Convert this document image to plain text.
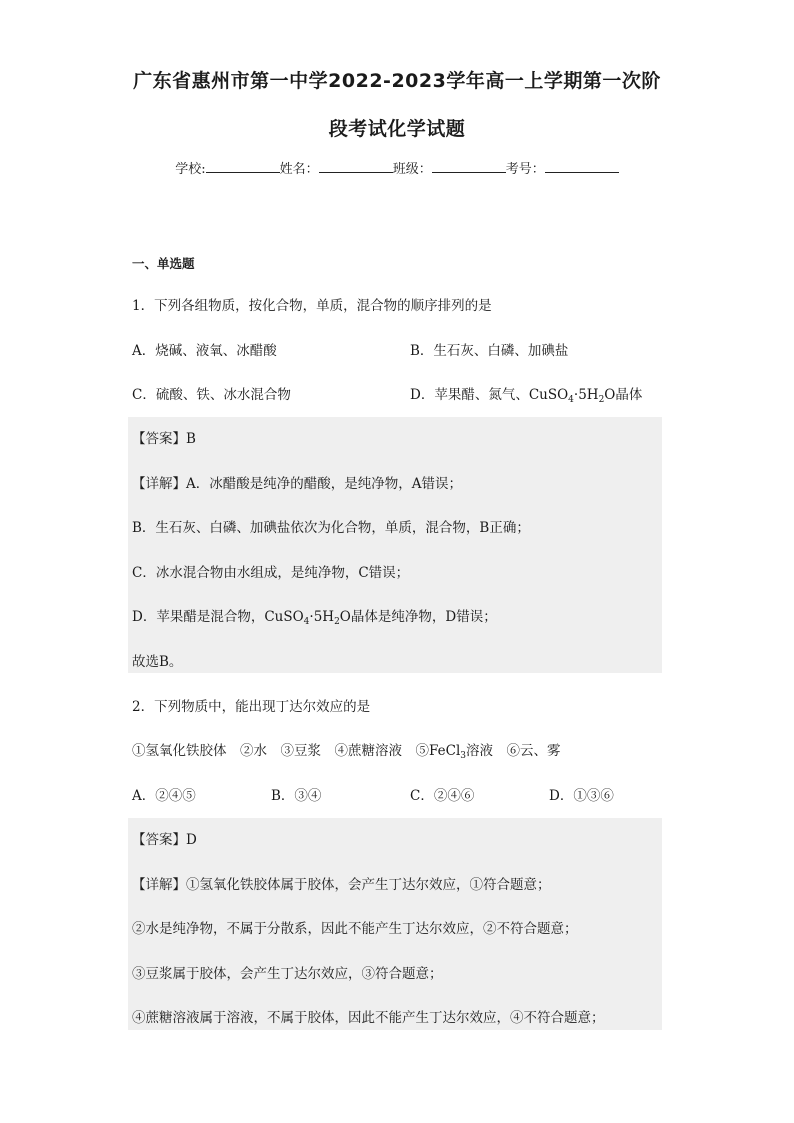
广东省惠州市第一中学2022-2023学年高一上学期第一次阶
段考试化学试题
学校:	姓名：	班级：	考号：
一、单选题
1．下列各组物质，按化合物，单质，混合物的顺序排列的是
A．烧碱、液氧、冰醋酸	B．生石灰、白磷、加碘盐
C．硫酸、铁、冰水混合物	D．苹果醋、氮气、$CuSO_4\cdot 5H_2O$晶体
【答案】B
【详解】A．冰醋酸是纯净的醋酸，是纯净物，A错误；
B．生石灰、白磷、加碘盐依次为化合物，单质，混合物，B正确；
C．冰水混合物由水组成，是纯净物，C错误；
D．苹果醋是混合物，$CuSO_4\cdot 5H_2O$晶体是纯净物，D错误；
故选B。
2．下列物质中，能出现丁达尔效应的是
①氢氧化铁胶体　②水　③豆浆　④蔗糖溶液　⑤FeCl$_3$溶液　⑥云、雾
A．②④⑤	B．③④	C．②④⑥	D．①③⑥
【答案】D
【详解】①氢氧化铁胶体属于胶体，会产生丁达尔效应，①符合题意；
②水是纯净物，不属于分散系，因此不能产生丁达尔效应，②不符合题意；
③豆浆属于胶体，会产生丁达尔效应，③符合题意；
④蔗糖溶液属于溶液，不属于胶体，因此不能产生丁达尔效应，④不符合题意；
